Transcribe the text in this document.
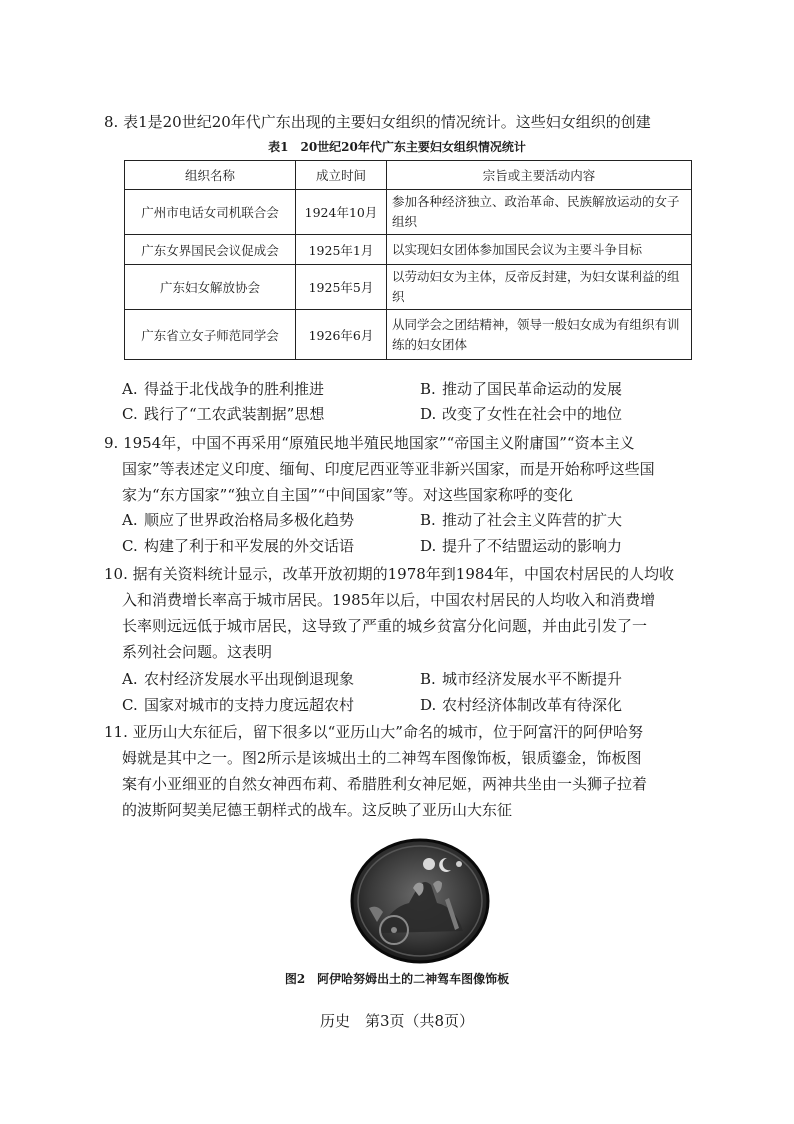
8. 表1是20世纪20年代广东出现的主要妇女组织的情况统计。这些妇女组织的创建
表1　20世纪20年代广东主要妇女组织情况统计
组织名称	成立时间	宗旨或主要活动内容
广州市电话女司机联合会	1924年10月	参加各种经济独立、政治革命、民族解放运动的女子组织
广东女界国民会议促成会	1925年1月	以实现妇女团体参加国民会议为主要斗争目标
广东妇女解放协会	1925年5月	以劳动妇女为主体，反帝反封建，为妇女谋利益的组织
广东省立女子师范同学会	1926年6月	从同学会之团结精神，领导一般妇女成为有组织有训练的妇女团体
A. 得益于北伐战争的胜利推进	B. 推动了国民革命运动的发展
C. 践行了“工农武装割据”思想	D. 改变了女性在社会中的地位
9. 1954年，中国不再采用“原殖民地半殖民地国家”“帝国主义附庸国”“资本主义
国家”等表述定义印度、缅甸、印度尼西亚等亚非新兴国家，而是开始称呼这些国
家为“东方国家”“独立自主国”“中间国家”等。对这些国家称呼的变化
A. 顺应了世界政治格局多极化趋势	B. 推动了社会主义阵营的扩大
C. 构建了利于和平发展的外交话语	D. 提升了不结盟运动的影响力
10. 据有关资料统计显示，改革开放初期的1978年到1984年，中国农村居民的人均收
入和消费增长率高于城市居民。1985年以后，中国农村居民的人均收入和消费增
长率则远远低于城市居民，这导致了严重的城乡贫富分化问题，并由此引发了一
系列社会问题。这表明
A. 农村经济发展水平出现倒退现象	B. 城市经济发展水平不断提升
C. 国家对城市的支持力度远超农村	D. 农村经济体制改革有待深化
11. 亚历山大东征后，留下很多以“亚历山大”命名的城市，位于阿富汗的阿伊哈努
姆就是其中之一。图2所示是该城出土的二神驾车图像饰板，银质鎏金，饰板图
案有小亚细亚的自然女神西布莉、希腊胜利女神尼姬，两神共坐由一头狮子拉着
的波斯阿契美尼德王朝样式的战车。这反映了亚历山大东征
图2　阿伊哈努姆出土的二神驾车图像饰板
历史　第3页（共8页）
